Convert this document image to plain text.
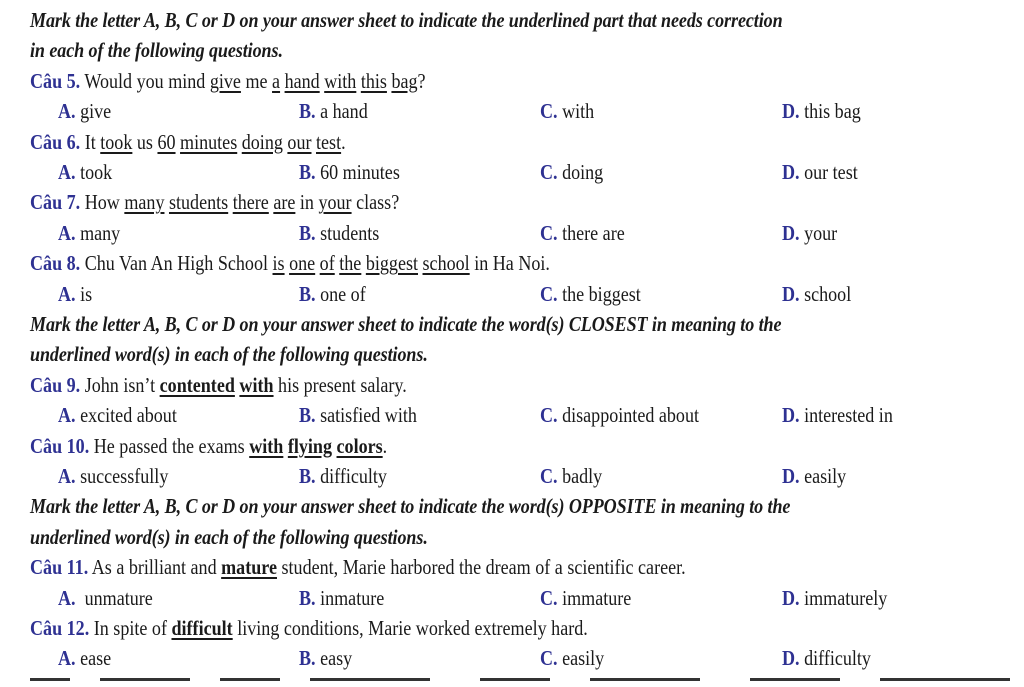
Mark the letter A, B, C or D on your answer sheet to indicate the underlined part that needs correction
in each of the following questions.
Câu 5. Would you mind give me a hand with this bag?
A. give	B. a hand	C. with	D. this bag
Câu 6. It took us 60 minutes doing our test.
A. took	B. 60 minutes	C. doing	D. our test
Câu 7. How many students there are in your class?
A. many	B. students	C. there are	D. your
Câu 8. Chu Van An High School is one of the biggest school in Ha Noi.
A. is	B. one of	C. the biggest	D. school
Mark the letter A, B, C or D on your answer sheet to indicate the word(s) CLOSEST in meaning to the
underlined word(s) in each of the following questions.
Câu 9. John isn’t contented with his present salary.
A. excited about	B. satisfied with	C. disappointed about	D. interested in
Câu 10. He passed the exams with flying colors.
A. successfully	B. difficulty	C. badly	D. easily
Mark the letter A, B, C or D on your answer sheet to indicate the word(s) OPPOSITE in meaning to the
underlined word(s) in each of the following questions.
Câu 11. As a brilliant and mature student, Marie harbored the dream of a scientific career.
A.  unmature	B. inmature	C. immature	D. immaturely
Câu 12. In spite of difficult living conditions, Marie worked extremely hard.
A. ease	B. easy	C. easily	D. difficulty
